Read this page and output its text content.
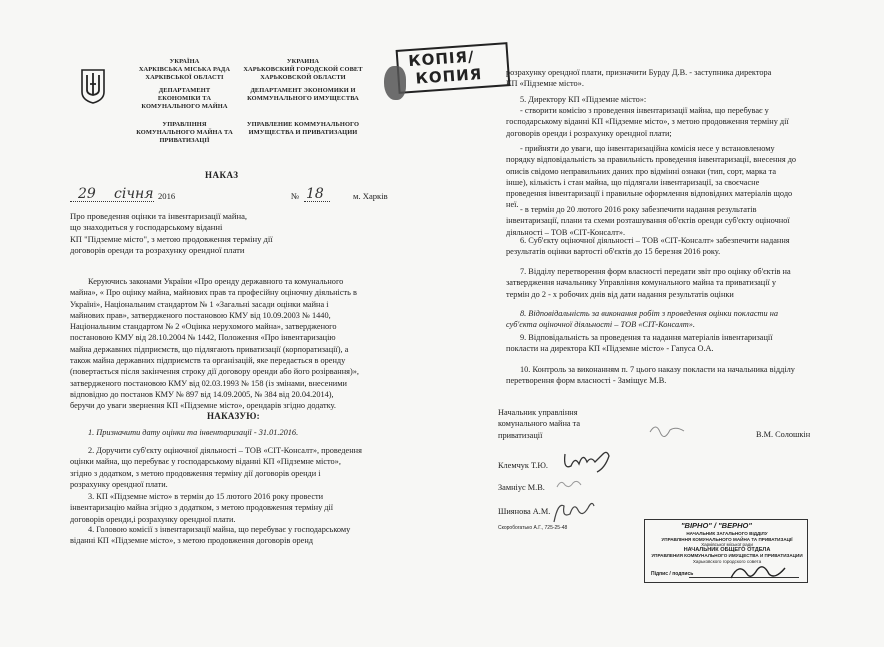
УКРАЇНА
ХАРКІВСЬКА МІСЬКА РАДА
ХАРКІВСЬКОЇ ОБЛАСТІ
ДЕПАРТАМЕНТ
ЕКОНОМІКИ ТА
КОМУНАЛЬНОГО МАЙНА
УПРАВЛІННЯ
КОМУНАЛЬНОГО МАЙНА ТА
ПРИВАТИЗАЦІЇ
УКРАИНА
ХАРЬКОВСКИЙ ГОРОДСКОЙ СОВЕТ
ХАРЬКОВСКОЙ ОБЛАСТИ
ДЕПАРТАМЕНТ ЭКОНОМИКИ И
КОММУНАЛЬНОГО ИМУЩЕСТВА
УПРАВЛЕНИЕ КОММУНАЛЬНОГО
ИМУЩЕСТВА И ПРИВАТИЗАЦИИ
КОПІЯ/
КОПИЯ
НАКАЗ
29 січня 2016	№ 18	м. Харків
Про проведення оцінки та інвентаризації майна,
що знаходиться у господарському віданні
КП "Підземне місто", з метою продовження терміну дії
договорів оренди та розрахунку орендної плати
Керуючись законами України «Про оренду державного та комунального
майна», « Про оцінку майна, майнових прав та професійну оціночну діяльність в
Україні», Національним стандартом № 1 «Загальні засади оцінки майна і
майнових прав», затвердженого постановою КМУ від 10.09.2003 № 1440,
Національним стандартом № 2 «Оцінка нерухомого майна», затвердженого
постановою КМУ від 28.10.2004 № 1442, Положення «Про інвентаризацію
майна державних підприємств, що підлягають приватизації (корпоратизації), а
також майна державних підприємств та організацій, яке передається в оренду
(повертається після закінчення строку дії договору оренди або його розірвання)»,
затвердженого постановою КМУ від 02.03.1993 № 158 (із змінами, внесеними
відповідно до постанов КМУ № 897 від 14.09.2005, № 384 від 20.04.2014),
беручи до уваги звернення КП «Підземне місто», орендарів згідно додатку.
НАКАЗУЮ:
1. Призначити дату оцінки та інвентаризації - 31.01.2016.
2. Доручити суб'єкту оціночної діяльності – ТОВ «СІТ-Консалт», проведення
оцінки майна, що перебуває у господарському віданні КП «Підземне місто»,
згідно з додатком, з метою продовження терміну дії договорів оренди і
розрахунку орендної плати.
3. КП «Підземне місто» в термін до 15 лютого 2016 року провести
інвентаризацію майна згідно з додатком, з метою продовження терміну дії
договорів оренди,і розрахунку орендної плати.
4. Головою комісії з інвентаризації майна, що перебуває у господарському
віданні КП «Підземне місто», з метою продовження договорів оренд
розрахунку орендної плати, призначити Бурду Д.В. - заступника директора
КП «Підземне місто».
5. Директору КП «Підземне місто»:
- створити комісію з проведення інвентаризації майна, що перебуває у
господарському віданні КП «Підземне місто», з метою продовження терміну дії
договорів оренди і розрахунку орендної плати;
- прийняти до уваги, що інвентаризаційна комісія несе у встановленому
порядку відповідальність за правильність проведення інвентаризації, внесення до
описів свідомо неправильних даних про відмінні ознаки (тип, сорт, марка та
інше), кількість і стан майна, що підлягали інвентаризації, за своєчасне
проведення інвентаризації і правильне оформлення відповідних матеріалів щодо
неї.
- в термін до 20 лютого 2016 року забезпечити надання результатів
інвентаризації, плани та схеми розташування об'єктів оренди суб'єкту оціночної
діяльності – ТОВ «СІТ-Консалт».
6. Суб'єкту оціночної діяльності – ТОВ «СІТ-Консалт» забезпечити надання
результатів оцінки вартості об'єктів до 15 березня 2016 року.
7. Відділу перетворення форм власності передати звіт про оцінку об'єктів на
затвердження начальнику Управління комунального майна та приватизації у
термін до 2 - х робочих днів від дати надання результатів оцінки
8. Відповідальність за виконання робіт з проведення оцінки покласти на
суб'єкта оціночної діяльності – ТОВ «СІТ-Консалт».
9. Відповідальність за проведення та надання матеріалів інвентаризації
покласти на директора КП «Підземне місто» - Гапуса О.А.
10. Контроль за виконанням п. 7 цього наказу покласти на начальника відділу
перетворення форм власності - Заміщує М.В.
Начальник управління
комунального майна та
приватизації	В.М. Солошкін
Клемчук Т.Ю.
Замніус М.В.
Шиянова А.М.
Скоробогатько А.Г., 725-25-48	"ВІРНО" / "ВЕРНО"
НАЧАЛЬНИК ЗАГАЛЬНОГО ВІДДІЛУ
УПРАВЛІННЯ КОМУНАЛЬНОГО МАЙНА ТА ПРИВАТИЗАЦІЇ
Харківської міської ради
НАЧАЛЬНИК ОБЩЕГО ОТДЕЛА
УПРАВЛЕНИЯ КОММУНАЛЬНОГО ИМУЩЕСТВА И ПРИВАТИЗАЦИИ
Харьковского городского совета
Підпис / подпись
